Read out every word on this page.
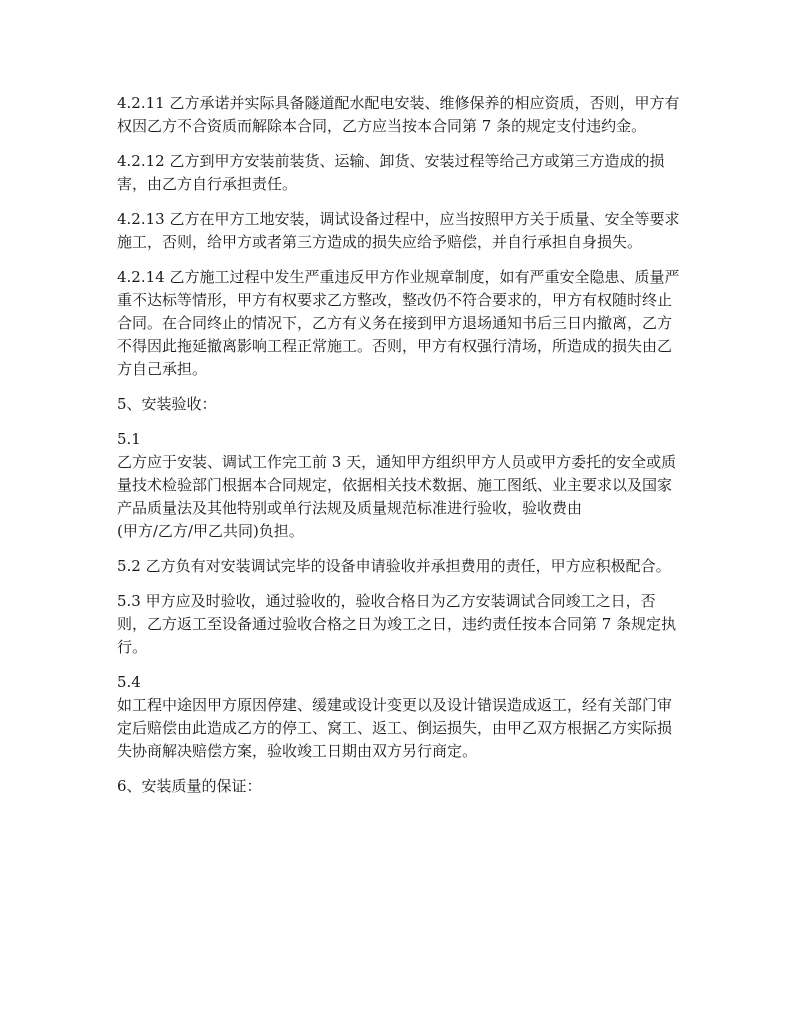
4.2.11 乙方承诺并实际具备隧道配水配电安装、维修保养的相应资质，否则，甲方有权因乙方不合资质而解除本合同，乙方应当按本合同第 7 条的规定支付违约金。

4.2.12 乙方到甲方安装前装货、运输、卸货、安装过程等给己方或第三方造成的损害，由乙方自行承担责任。

4.2.13 乙方在甲方工地安装，调试设备过程中，应当按照甲方关于质量、安全等要求施工，否则，给甲方或者第三方造成的损失应给予赔偿，并自行承担自身损失。

4.2.14 乙方施工过程中发生严重违反甲方作业规章制度，如有严重安全隐患、质量严重不达标等情形，甲方有权要求乙方整改，整改仍不符合要求的，甲方有权随时终止合同。在合同终止的情况下，乙方有义务在接到甲方退场通知书后三日内撤离，乙方不得因此拖延撤离影响工程正常施工。否则，甲方有权强行清场，所造成的损失由乙方自己承担。

5、安装验收：

5.1
乙方应于安装、调试工作完工前 3 天，通知甲方组织甲方人员或甲方委托的安全或质量技术检验部门根据本合同规定，依据相关技术数据、施工图纸、业主要求以及国家产品质量法及其他特别或单行法规及质量规范标准进行验收，验收费由
(甲方/乙方/甲乙共同)负担。

5.2 乙方负有对安装调试完毕的设备申请验收并承担费用的责任，甲方应积极配合。

5.3 甲方应及时验收，通过验收的，验收合格日为乙方安装调试合同竣工之日，否则，乙方返工至设备通过验收合格之日为竣工之日，违约责任按本合同第 7 条规定执行。

5.4
如工程中途因甲方原因停建、缓建或设计变更以及设计错误造成返工，经有关部门审定后赔偿由此造成乙方的停工、窝工、返工、倒运损失，由甲乙双方根据乙方实际损失协商解决赔偿方案，验收竣工日期由双方另行商定。

6、安装质量的保证：
